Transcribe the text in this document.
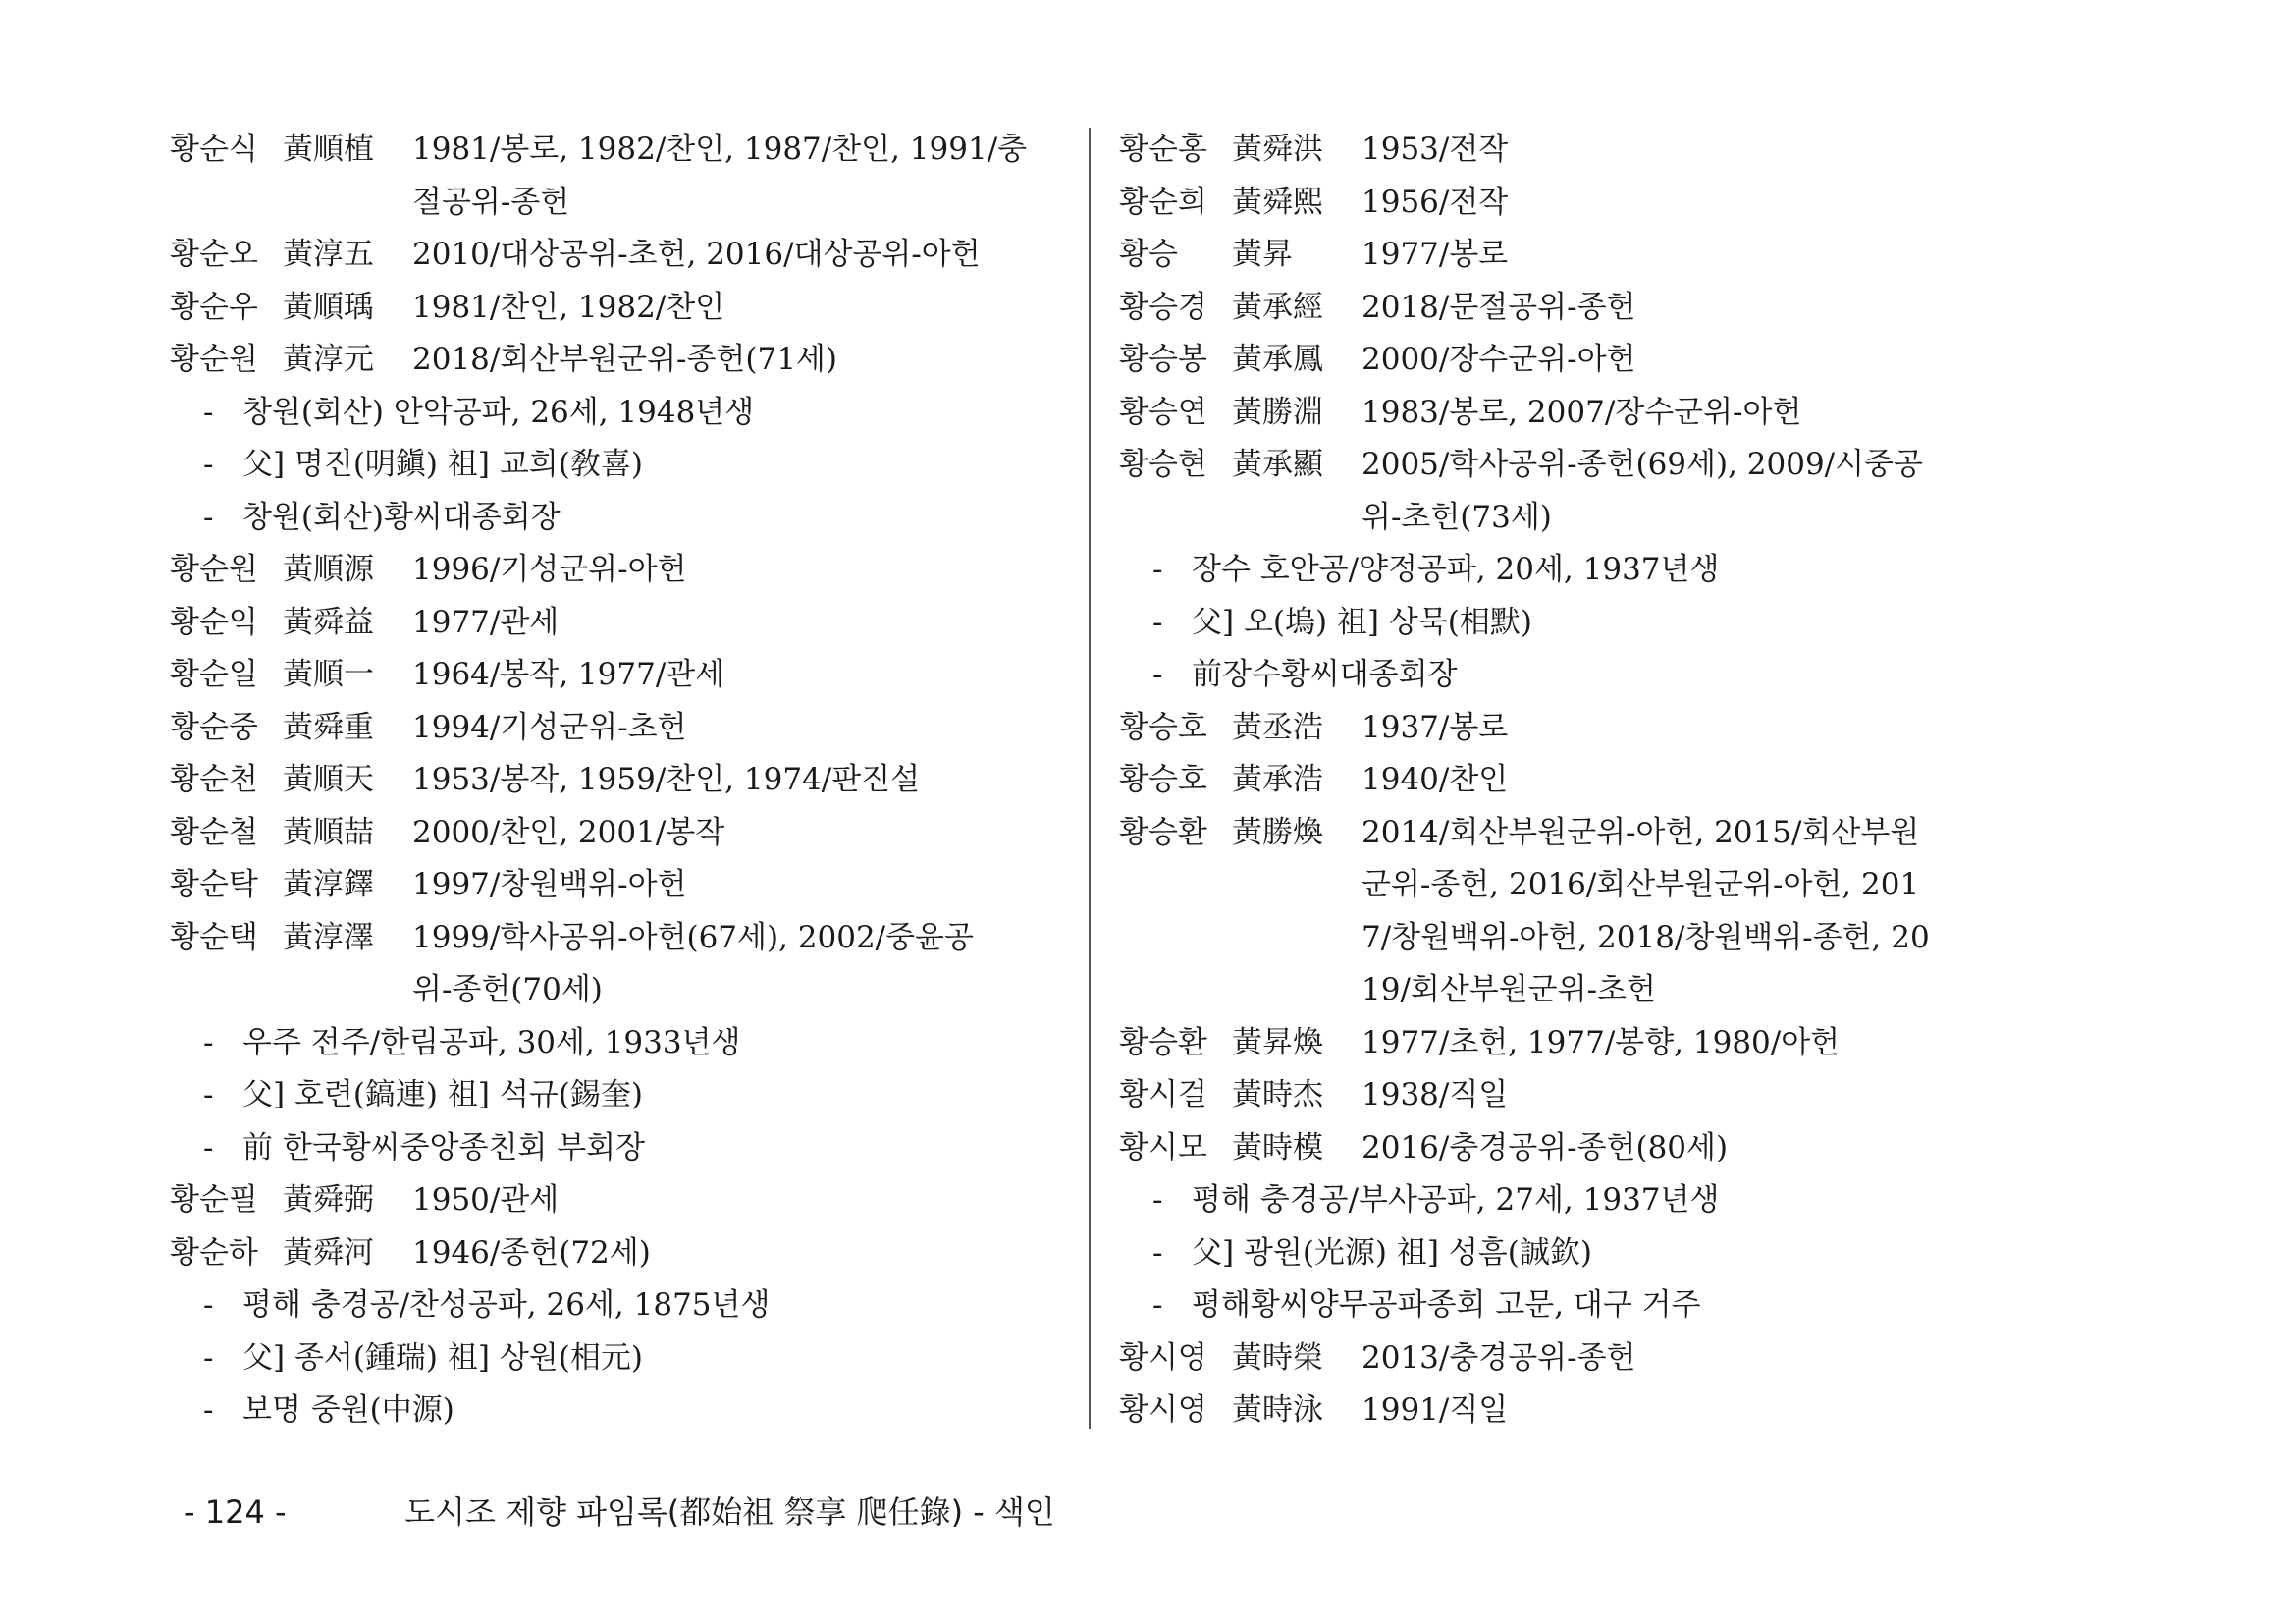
황순식 黃順植	1981/봉로, 1982/찬인, 1987/찬인, 1991/충
절공위-종헌
황순오 黃淳五	2010/대상공위-초헌, 2016/대상공위-아헌
황순우 黃順瑀	1981/찬인, 1982/찬인
황순원 黃淳元	2018/회산부원군위-종헌(71세)
- 창원(회산) 안악공파, 26세, 1948년생
- 父] 명진(明鎭) 祖] 교희(敎喜)
- 창원(회산)황씨대종회장
황순원 黃順源	1996/기성군위-아헌
황순익 黃舜益	1977/관세
황순일 黃順一	1964/봉작, 1977/관세
황순중 黃舜重	1994/기성군위-초헌
황순천 黃順天	1953/봉작, 1959/찬인, 1974/판진설
황순철 黃順喆	2000/찬인, 2001/봉작
황순탁 黃淳鐸	1997/창원백위-아헌
황순택 黃淳澤	1999/학사공위-아헌(67세), 2002/중윤공
위-종헌(70세)
- 우주 전주/한림공파, 30세, 1933년생
- 父] 호련(鎬連) 祖] 석규(錫奎)
- 前 한국황씨중앙종친회 부회장
황순필 黃舜弼	1950/관세
황순하 黃舜河	1946/종헌(72세)
- 평해 충경공/찬성공파, 26세, 1875년생
- 父] 종서(鍾瑞) 祖] 상원(相元)
- 보명 중원(中源)
황순홍 黃舜洪	1953/전작
황순희 黃舜熙	1956/전작
황승	黃昇	1977/봉로
황승경 黃承經	2018/문절공위-종헌
황승봉 黃承鳳	2000/장수군위-아헌
황승연 黃勝淵	1983/봉로, 2007/장수군위-아헌
황승현 黃承顯	2005/학사공위-종헌(69세), 2009/시중공
위-초헌(73세)
- 장수 호안공/양정공파, 20세, 1937년생
- 父] 오(塢) 祖] 상묵(相默)
- 前장수황씨대종회장
황승호 黃丞浩	1937/봉로
황승호 黃承浩	1940/찬인
황승환 黃勝煥	2014/회산부원군위-아헌, 2015/회산부원
군위-종헌, 2016/회산부원군위-아헌, 201
7/창원백위-아헌, 2018/창원백위-종헌, 20
19/회산부원군위-초헌
황승환 黃昇煥	1977/초헌, 1977/봉향, 1980/아헌
황시걸 黃時杰	1938/직일
황시모 黃時模	2016/충경공위-종헌(80세)
- 평해 충경공/부사공파, 27세, 1937년생
- 父] 광원(光源) 祖] 성흠(誠欽)
- 평해황씨양무공파종회 고문, 대구 거주
황시영 黃時榮	2013/충경공위-종헌
황시영 黃時泳	1991/직일
- 124 -	도시조 제향 파임록(都始祖 祭享 爬任錄) - 색인
